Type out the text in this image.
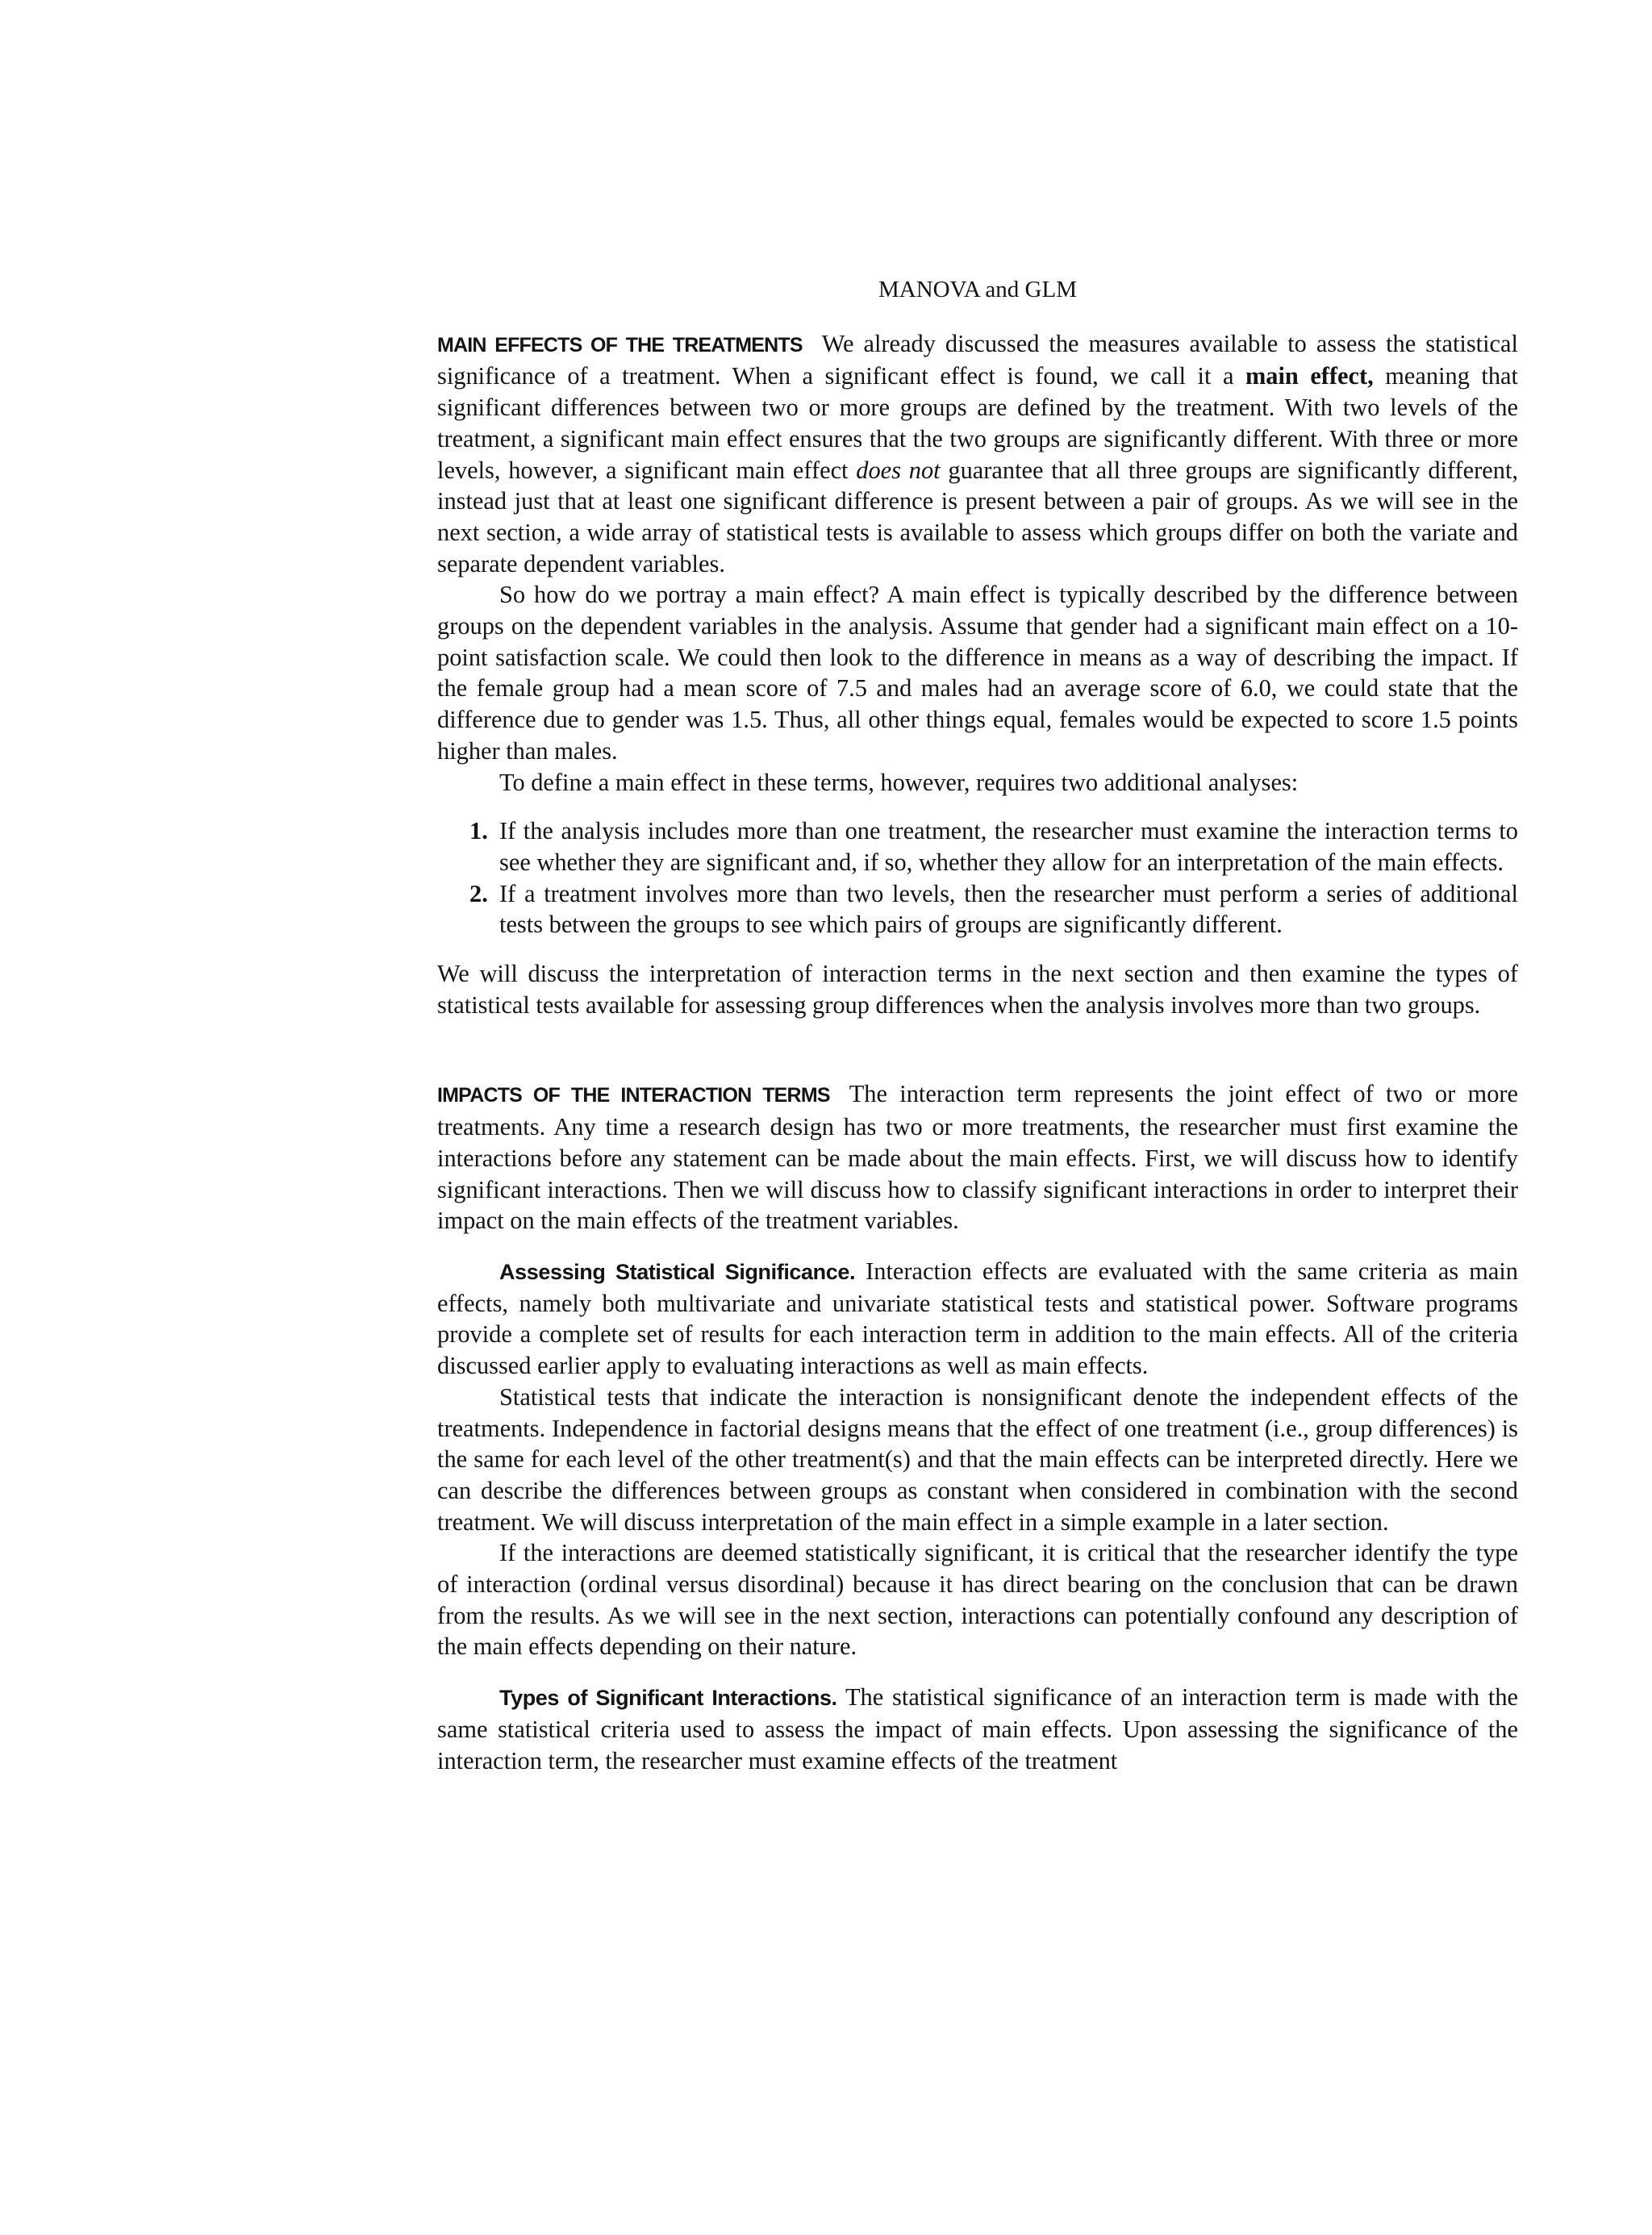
MANOVA and GLM

MAIN EFFECTS OF THE TREATMENTS We already discussed the measures available to assess the statistical significance of a treatment. When a significant effect is found, we call it a main effect, meaning that significant differences between two or more groups are defined by the treatment. With two levels of the treatment, a significant main effect ensures that the two groups are significantly different. With three or more levels, however, a significant main effect does not guarantee that all three groups are significantly different, instead just that at least one significant difference is present between a pair of groups. As we will see in the next section, a wide array of statistical tests is available to assess which groups differ on both the variate and separate dependent variables.

So how do we portray a main effect? A main effect is typically described by the difference between groups on the dependent variables in the analysis. Assume that gender had a significant main effect on a 10-point satisfaction scale. We could then look to the difference in means as a way of describing the impact. If the female group had a mean score of 7.5 and males had an average score of 6.0, we could state that the difference due to gender was 1.5. Thus, all other things equal, females would be expected to score 1.5 points higher than males.

To define a main effect in these terms, however, requires two additional analyses:

1. If the analysis includes more than one treatment, the researcher must examine the interaction terms to see whether they are significant and, if so, whether they allow for an interpretation of the main effects.
2. If a treatment involves more than two levels, then the researcher must perform a series of additional tests between the groups to see which pairs of groups are significantly different.

We will discuss the interpretation of interaction terms in the next section and then examine the types of statistical tests available for assessing group differences when the analysis involves more than two groups.

IMPACTS OF THE INTERACTION TERMS The interaction term represents the joint effect of two or more treatments. Any time a research design has two or more treatments, the researcher must first examine the interactions before any statement can be made about the main effects. First, we will discuss how to identify significant interactions. Then we will discuss how to classify significant interactions in order to interpret their impact on the main effects of the treatment variables.

Assessing Statistical Significance. Interaction effects are evaluated with the same criteria as main effects, namely both multivariate and univariate statistical tests and statistical power. Software programs provide a complete set of results for each interaction term in addition to the main effects. All of the criteria discussed earlier apply to evaluating interactions as well as main effects.

Statistical tests that indicate the interaction is nonsignificant denote the independent effects of the treatments. Independence in factorial designs means that the effect of one treatment (i.e., group differences) is the same for each level of the other treatment(s) and that the main effects can be interpreted directly. Here we can describe the differences between groups as constant when considered in combination with the second treatment. We will discuss interpretation of the main effect in a simple example in a later section.

If the interactions are deemed statistically significant, it is critical that the researcher identify the type of interaction (ordinal versus disordinal) because it has direct bearing on the conclusion that can be drawn from the results. As we will see in the next section, interactions can potentially confound any description of the main effects depending on their nature.

Types of Significant Interactions. The statistical significance of an interaction term is made with the same statistical criteria used to assess the impact of main effects. Upon assessing the significance of the interaction term, the researcher must examine effects of the treatment
